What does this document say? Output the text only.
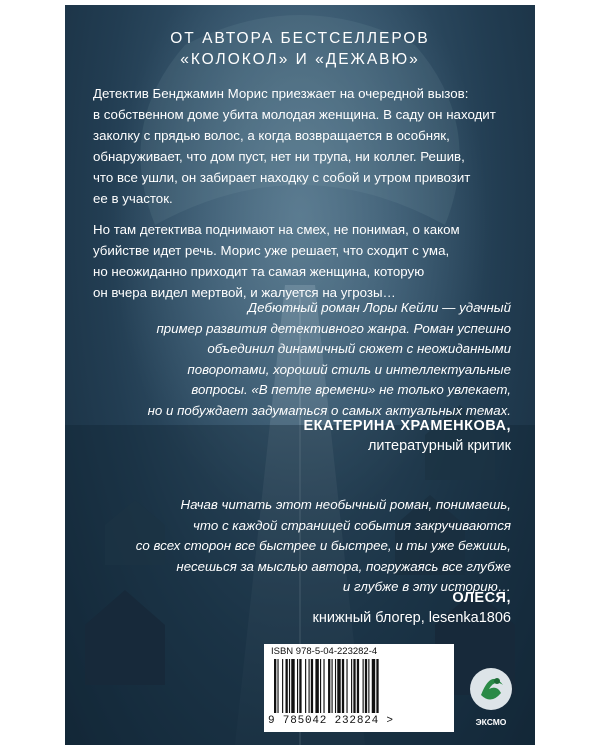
ОТ АВТОРА БЕСТСЕЛЛЕРОВ
«КОЛОКОЛ» И «ДЕЖАВЮ»

Детектив Бенджамин Морис приезжает на очередной вызов:
в собственном доме убита молодая женщина. В саду он находит
заколку с прядью волос, а когда возвращается в особняк,
обнаруживает, что дом пуст, нет ни трупа, ни коллег. Решив,
что все ушли, он забирает находку с собой и утром привозит
ее в участок.

Но там детектива поднимают на смех, не понимая, о каком
убийстве идет речь. Морис уже решает, что сходит с ума,
но неожиданно приходит та самая женщина, которую
он вчера видел мертвой, и жалуется на угрозы…

Дебютный роман Лоры Кейли — удачный
пример развития детективного жанра. Роман успешно
объединил динамичный сюжет с неожиданными
поворотами, хороший стиль и интеллектуальные
вопросы. «В петле времени» не только увлекает,
но и побуждает задуматься о самых актуальных темах.

ЕКАТЕРИНА ХРАМЕНКОВА,
литературный критик

Начав читать этот необычный роман, понимаешь,
что с каждой страницей события закручиваются
со всех сторон все быстрее и быстрее, и ты уже бежишь,
несешься за мыслью автора, погружаясь все глубже
и глубже в эту историю…

ОЛЕСЯ,
книжный блогер, lesenka1806

ISBN 978-5-04-223282-4
9 785042 232824 >	ЭКСМО
